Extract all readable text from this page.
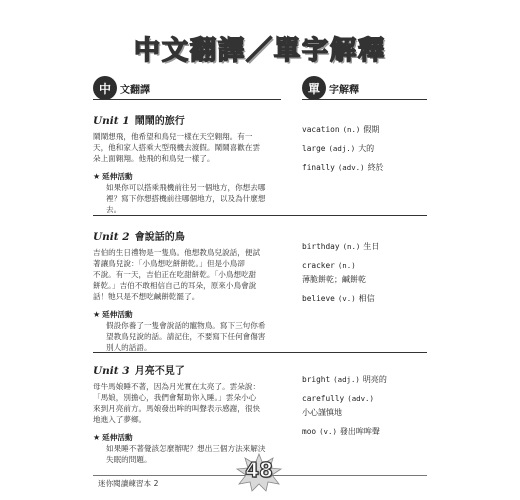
中文翻譯／單字解釋
中 文翻譯	單 字解釋
Unit 1 鬧鬧的旅行
鬧鬧想飛，他希望和鳥兒一樣在天空翱翔。有一
天，他和家人搭乘大型飛機去渡假。鬧鬧喜歡在雲
朵上面翱翔。他飛的和鳥兒一樣了。
★ 延伸活動
如果你可以搭乘飛機前往另一個地方，你想去哪
裡？寫下你想搭機前往哪個地方，以及為什麼想
去。
vacation (n.) 假期
large (adj.) 大的
finally (adv.) 終於
Unit 2 會說話的鳥
吉伯的生日禮物是一隻鳥。他想教鳥兒說話，便試
著讓鳥兒說：「小鳥想吃餅餅乾。」但是小鳥卻
不說。有一天，吉伯正在吃甜餅乾。「小鳥想吃甜
餅乾。」吉伯不敢相信自己的耳朵，原來小鳥會說
話！牠只是不想吃鹹餅乾罷了。
★ 延伸活動
假設你養了一隻會說話的寵物鳥。寫下三句你希
望教鳥兒說的話。請記住，不要寫下任何會傷害
別人的話語。
birthday (n.) 生日
cracker (n.)
薄脆餅乾；鹹餅乾
believe (v.) 相信
Unit 3 月亮不見了
母牛馬娘睡不著，因為月光實在太亮了。雲朵說：
「馬娘，別擔心，我們會幫助你入睡。」雲朵小心
來到月亮前方。馬娘發出哞的叫聲表示感謝，很快
地進入了夢鄉。
★ 延伸活動
如果睡不著覺該怎麼辦呢？想出三個方法來解決
失眠的問題。
bright (adj.) 明亮的
carefully (adv.)
小心謹慎地
moo (v.) 發出哞哞聲
迷你閱讀練習本 2
48
